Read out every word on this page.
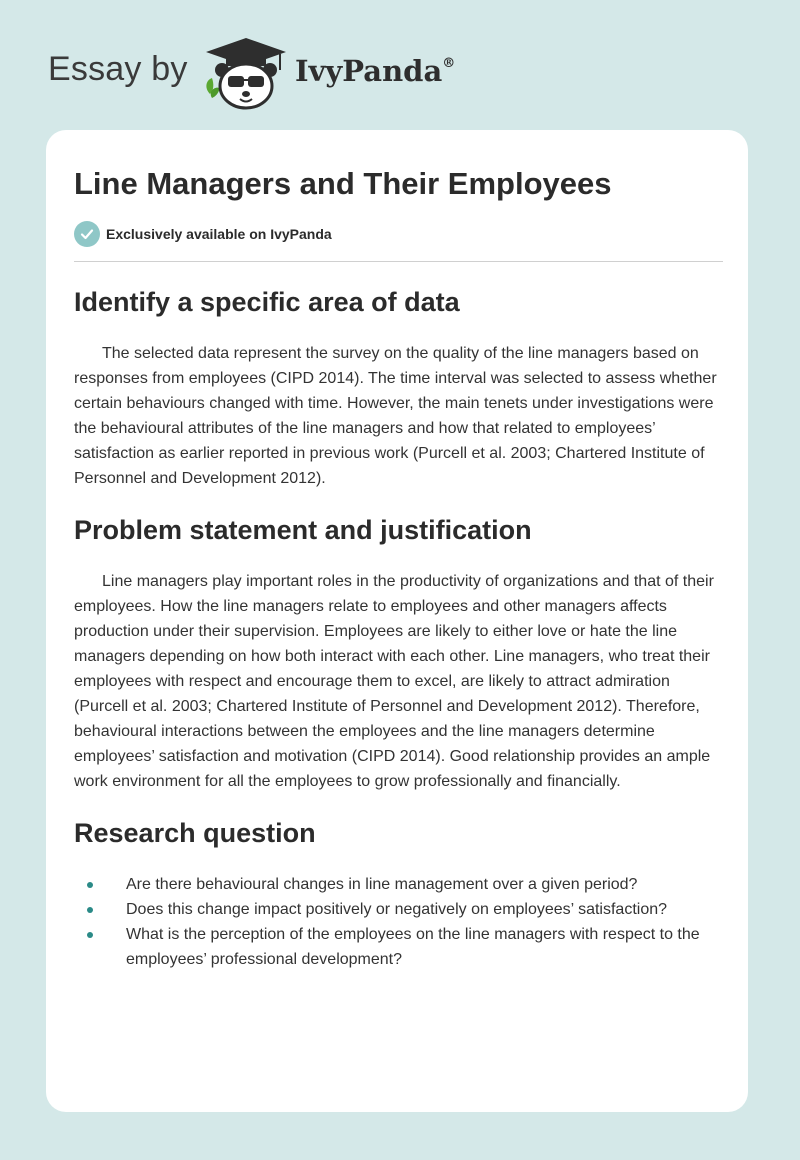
Essay by	IvyPanda®
Line Managers and Their Employees
Exclusively available on IvyPanda
Identify a specific area of data

The selected data represent the survey on the quality of the line managers based on responses from employees (CIPD 2014). The time interval was selected to assess whether certain behaviours changed with time. However, the main tenets under investigations were the behavioural attributes of the line managers and how that related to employees’ satisfaction as earlier reported in previous work (Purcell et al. 2003; Chartered Institute of Personnel and Development 2012).

Problem statement and justification

Line managers play important roles in the productivity of organizations and that of their employees. How the line managers relate to employees and other managers affects production under their supervision. Employees are likely to either love or hate the line managers depending on how both interact with each other. Line managers, who treat their employees with respect and encourage them to excel, are likely to attract admiration (Purcell et al. 2003; Chartered Institute of Personnel and Development 2012). Therefore, behavioural interactions between the employees and the line managers determine employees’ satisfaction and motivation (CIPD 2014). Good relationship provides an ample work environment for all the employees to grow professionally and financially.

Research question
Are there behavioural changes in line management over a given period?
Does this change impact positively or negatively on employees’ satisfaction?
What is the perception of the employees on the line managers with respect to the employees’ professional development?
